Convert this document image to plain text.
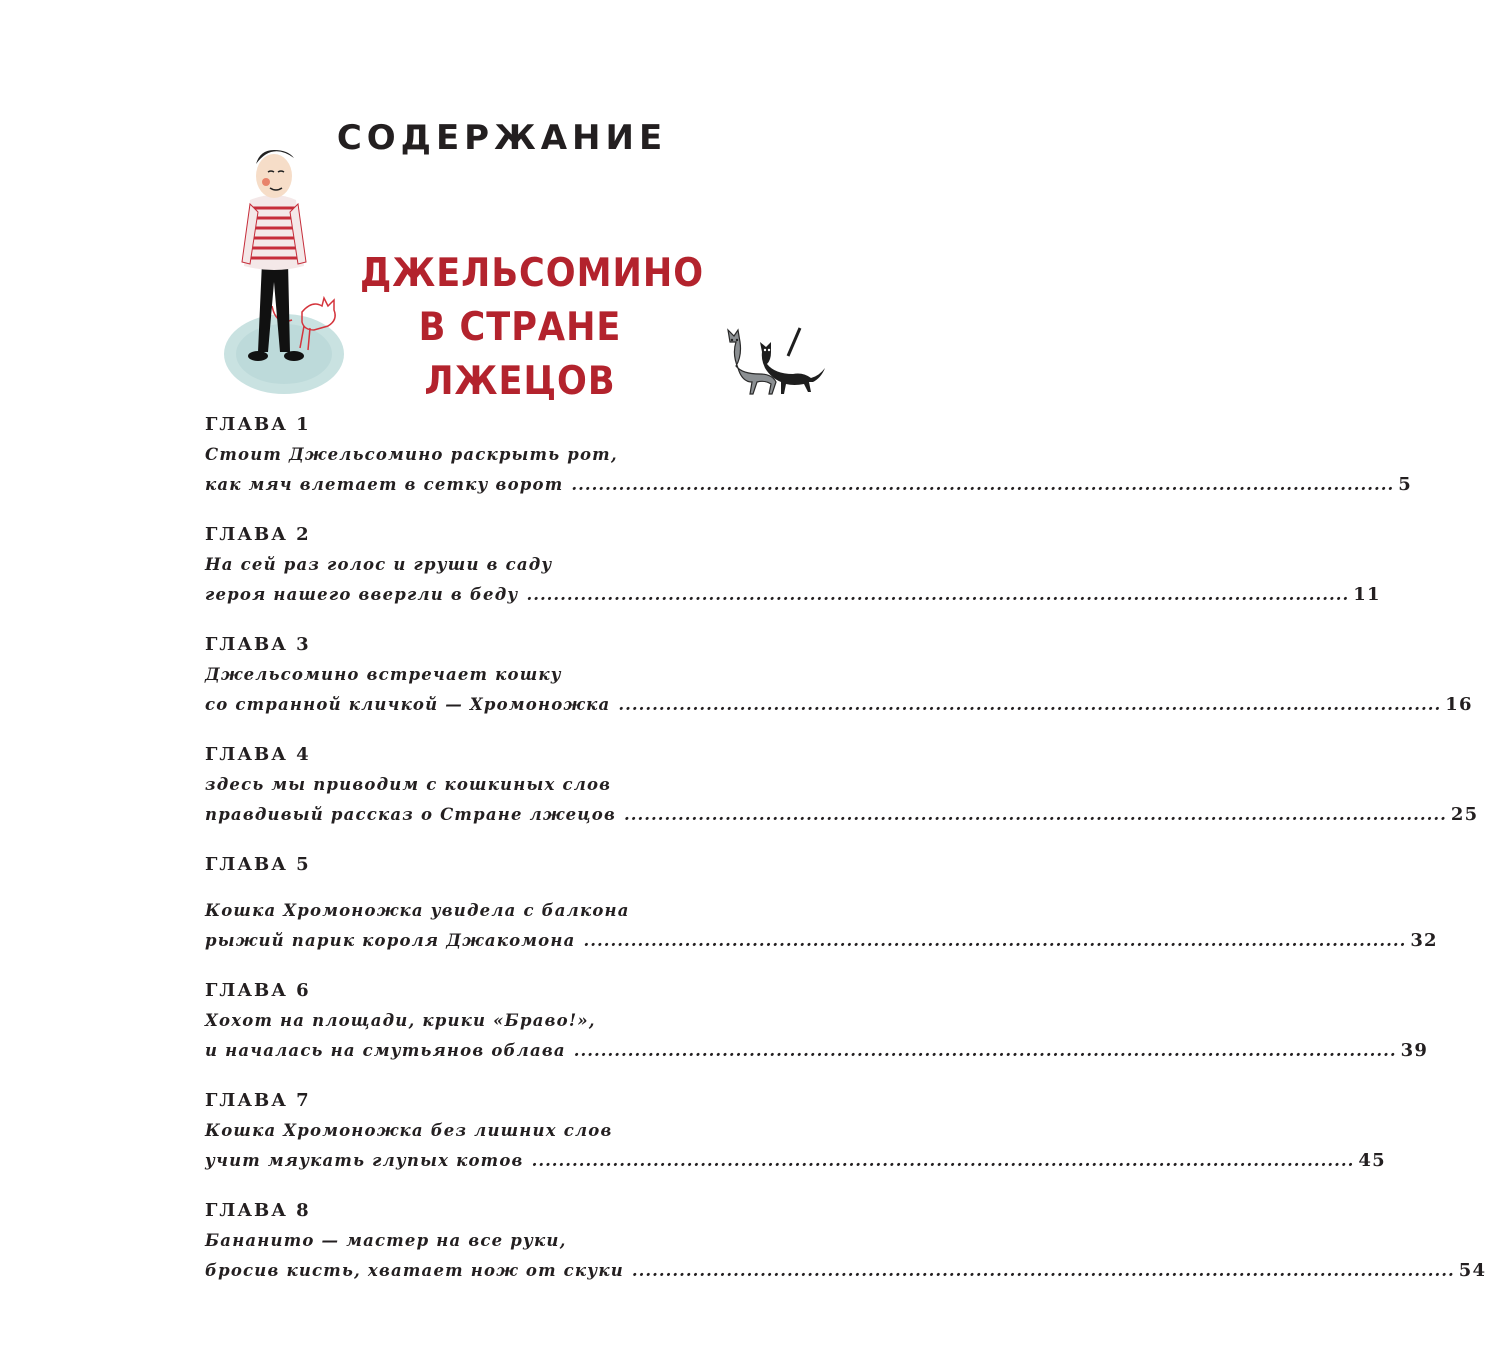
СОДЕРЖАНИЕ
ДЖЕЛЬСОМИНО
В СТРАНЕ
ЛЖЕЦОВ
ГЛАВА 1
Стоит Джельсомино раскрыть рот,
как мяч влетает в сетку ворот .......................................................................................................................... 5
ГЛАВА 2
На сей раз голос и груши в саду
героя нашего ввергли в беду .......................................................................................................................... 11
ГЛАВА 3
Джельсомино встречает кошку
со странной кличкой — Хромоножка .......................................................................................................................... 16
ГЛАВА 4
здесь мы приводим с кошкиных слов
правдивый рассказ о Стране лжецов .......................................................................................................................... 25
ГЛАВА 5
Кошка Хромоножка увидела с балкона
рыжий парик короля Джакомона .......................................................................................................................... 32
ГЛАВА 6
Хохот на площади, крики «Браво!»,
и началась на смутьянов облава .......................................................................................................................... 39
ГЛАВА 7
Кошка Хромоножка без лишних слов
учит мяукать глупых котов .......................................................................................................................... 45
ГЛАВА 8
Бананито — мастер на все руки,
бросив кисть, хватает нож от скуки .......................................................................................................................... 54
